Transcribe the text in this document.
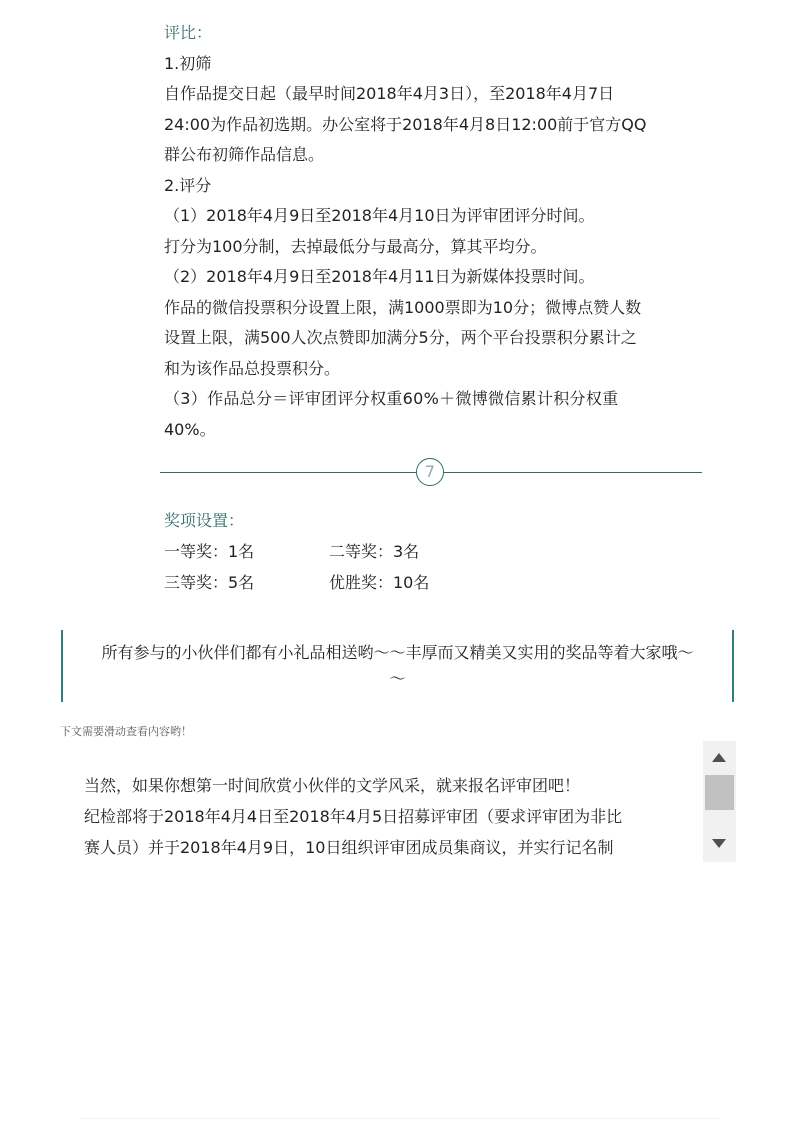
评比：

1.初筛

自作品提交日起（最早时间2018年4月3日），至2018年4月7日

24:00为作品初选期。办公室将于2018年4月8日12:00前于官方QQ

群公布初筛作品信息。

2.评分

（1）2018年4月9日至2018年4月10日为评审团评分时间。

打分为100分制，去掉最低分与最高分，算其平均分。

（2）2018年4月9日至2018年4月11日为新媒体投票时间。

作品的微信投票积分设置上限，满1000票即为10分；微博点赞人数

设置上限，满500人次点赞即加满分5分，两个平台投票积分累计之

和为该作品总投票积分。

（3）作品总分＝评审团评分权重60%＋微博微信累计积分权重

40%。

7
奖项设置：
一等奖：1名	二等奖：3名
三等奖：5名	优胜奖：10名
所有参与的小伙伴们都有小礼品相送哟～～丰厚而又精美又实用的奖品等着大家哦～
～
下文需要滑动查看内容哟！
当然，如果你想第一时间欣赏小伙伴的文学风采，就来报名评审团吧！
纪检部将于2018年4月4日至2018年4月5日招募评审团（要求评审团为非比
赛人员）并于2018年4月9日，10日组织评审团成员集商议，并实行记名制
